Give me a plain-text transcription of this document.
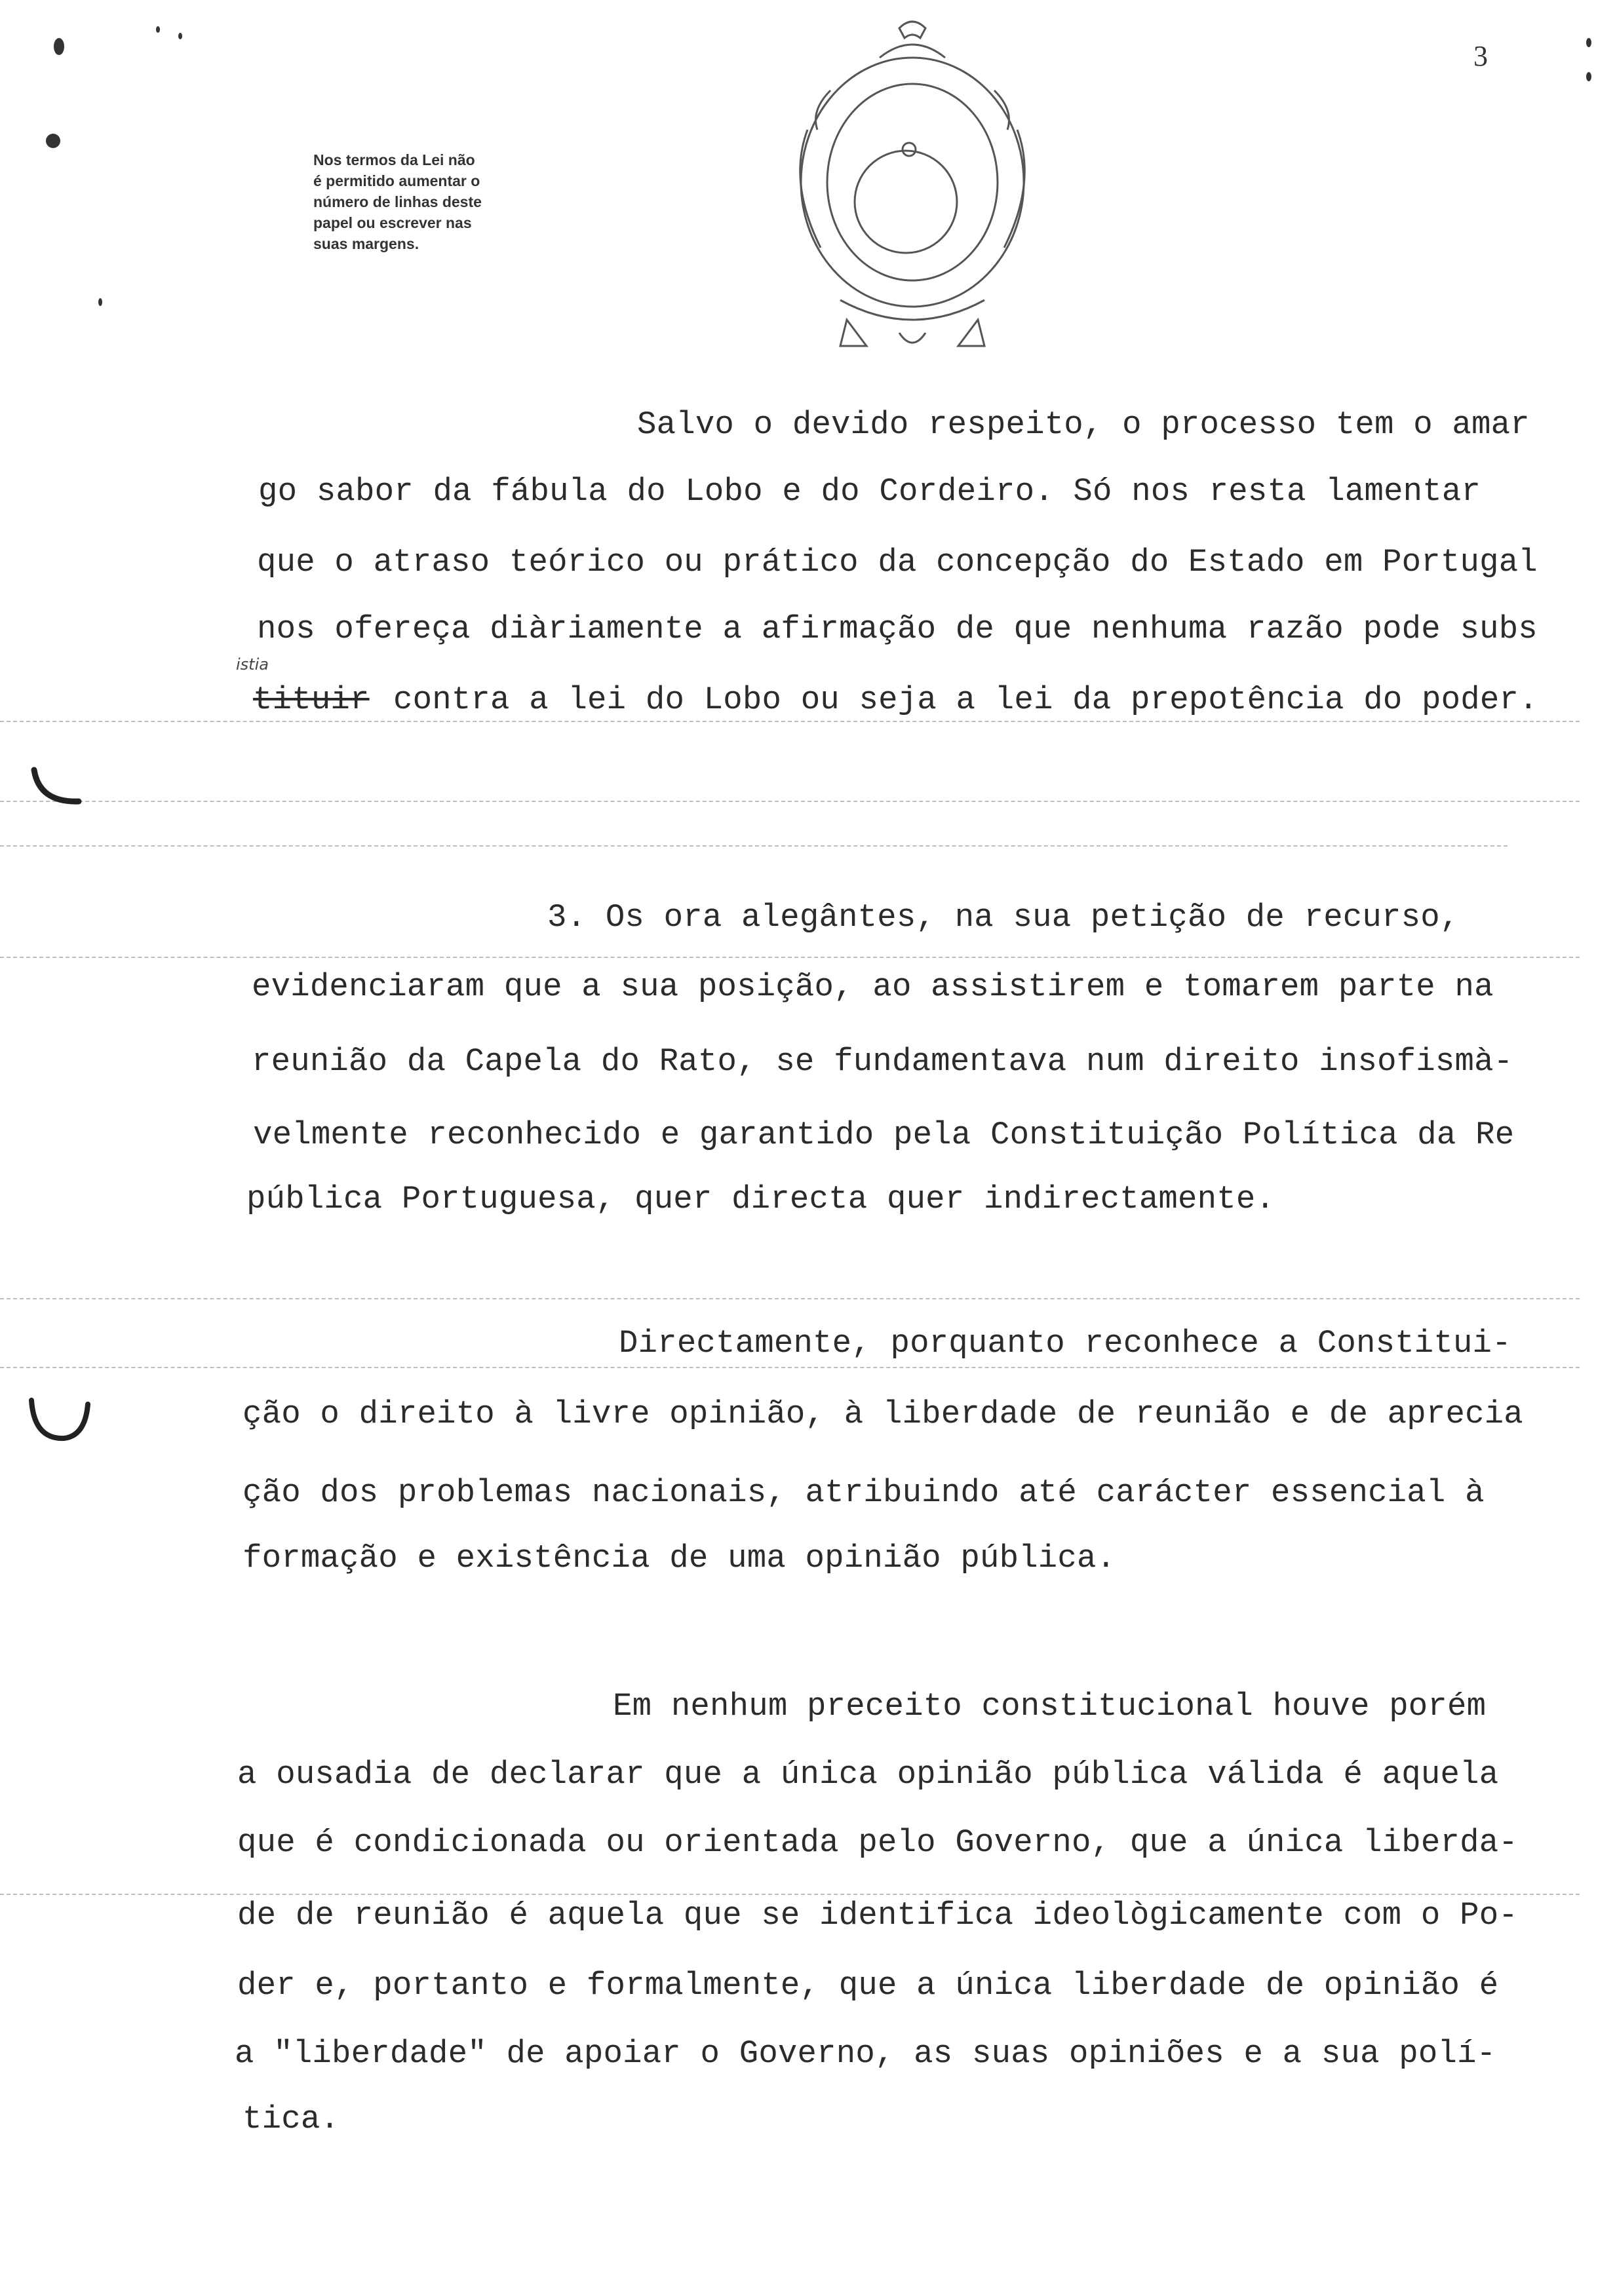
Nos termos da Lei não
é permitido aumentar o
número de linhas deste
papel ou escrever nas
suas margens.
3
Salvo o devido respeito, o processo tem o amar
go sabor da fábula do Lobo e do Cordeiro. Só nos resta lamentar
que o atraso teórico ou prático da concepção do Estado em Portugal
nos ofereça diàriamente a afirmação de que nenhuma razão pode subs
istia
tituir contra a lei do Lobo ou seja a lei da prepotência do poder.
3. Os ora alegântes, na sua petição de recurso,
evidenciaram que a sua posição, ao assistirem e tomarem parte na
reunião da Capela do Rato, se fundamentava num direito insofismà-
velmente reconhecido e garantido pela Constituição Política da Re
pública Portuguesa, quer directa quer indirectamente.
Directamente, porquanto reconhece a Constitui-
ção o direito à livre opinião, à liberdade de reunião e de aprecia
ção dos problemas nacionais, atribuindo até carácter essencial à
formação e existência de uma opinião pública.
Em nenhum preceito constitucional houve porém
a ousadia de declarar que a única opinião pública válida é aquela
que é condicionada ou orientada pelo Governo, que a única liberda-
de de reunião é aquela que se identifica ideològicamente com o Po-
der e, portanto e formalmente, que a única liberdade de opinião é
a "liberdade" de apoiar o Governo, as suas opiniões e a sua polí-
tica.
